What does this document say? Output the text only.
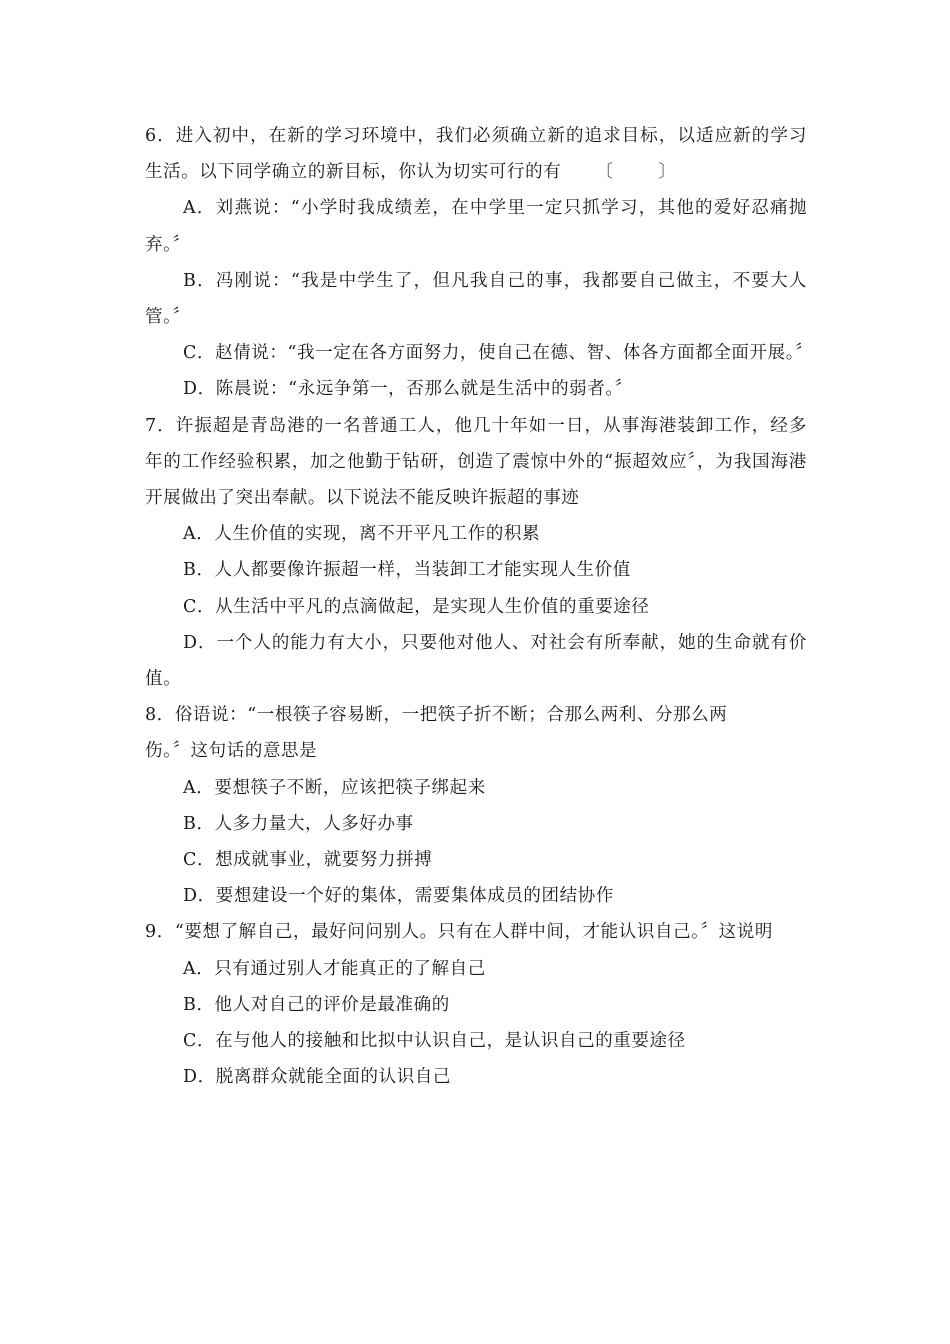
6．进入初中，在新的学习环境中，我们必须确立新的追求目标，以适应新的学习生活。以下同学确立的新目标，你认为切实可行的有 〔 〕

A．刘燕说：“小学时我成绩差，在中学里一定只抓学习，其他的爱好忍痛抛弃。〞

B．冯刚说：“我是中学生了，但凡我自己的事，我都要自己做主，不要大人管。〞

C．赵倩说：“我一定在各方面努力，使自己在德、智、体各方面都全面开展。〞

D．陈晨说：“永远争第一，否那么就是生活中的弱者。〞

7．许振超是青岛港的一名普通工人，他几十年如一日，从事海港装卸工作，经多年的工作经验积累，加之他勤于钻研，创造了震惊中外的“振超效应〞，为我国海港开展做出了突出奉献。以下说法不能反映许振超的事迹

A．人生价值的实现，离不开平凡工作的积累

B．人人都要像许振超一样，当装卸工才能实现人生价值

C．从生活中平凡的点滴做起，是实现人生价值的重要途径

D．一个人的能力有大小，只要他对他人、对社会有所奉献，她的生命就有价值。

8．俗语说：“一根筷子容易断，一把筷子折不断；合那么两利、分那么两
伤。〞这句话的意思是

A．要想筷子不断，应该把筷子绑起来

B．人多力量大，人多好办事

C．想成就事业，就要努力拼搏

D．要想建设一个好的集体，需要集体成员的团结协作

9．“要想了解自己，最好问问别人。只有在人群中间，才能认识自己。〞这说明

A．只有通过别人才能真正的了解自己

B．他人对自己的评价是最准确的

C．在与他人的接触和比拟中认识自己，是认识自己的重要途径

D．脱离群众就能全面的认识自己
